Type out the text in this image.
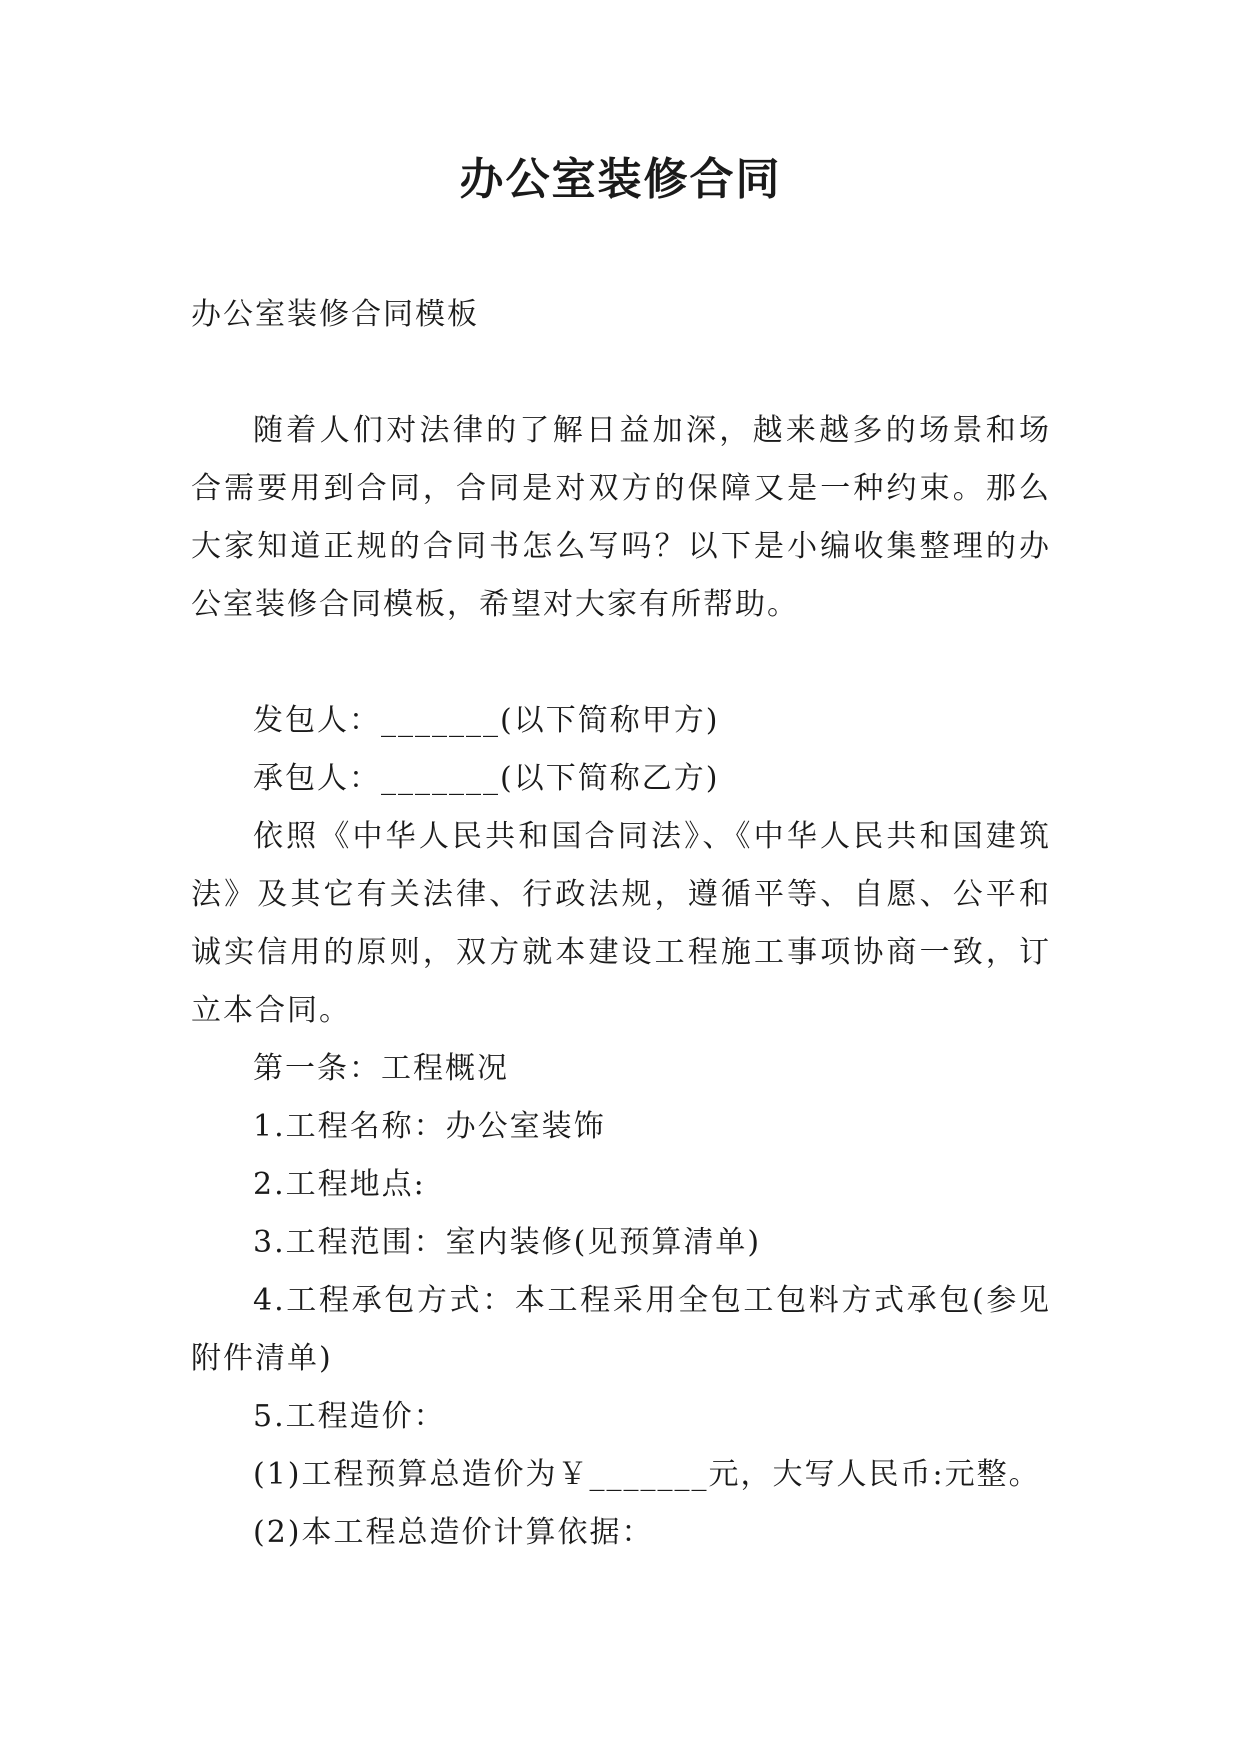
办公室装修合同

办公室装修合同模板

随着人们对法律的了解日益加深，越来越多的场景和场合需要用到合同，合同是对双方的保障又是一种约束。那么大家知道正规的合同书怎么写吗？以下是小编收集整理的办公室装修合同模板，希望对大家有所帮助。

发包人：_______(以下简称甲方)

承包人：_______(以下简称乙方)

依照《中华人民共和国合同法》、《中华人民共和国建筑法》及其它有关法律、行政法规，遵循平等、自愿、公平和诚实信用的原则，双方就本建设工程施工事项协商一致，订立本合同。

第一条：工程概况

1.工程名称：办公室装饰

2.工程地点:

3.工程范围：室内装修(见预算清单)

4.工程承包方式：本工程采用全包工包料方式承包(参见附件清单)

5.工程造价：

(1)工程预算总造价为￥_______元，大写人民币:元整。

(2)本工程总造价计算依据：
